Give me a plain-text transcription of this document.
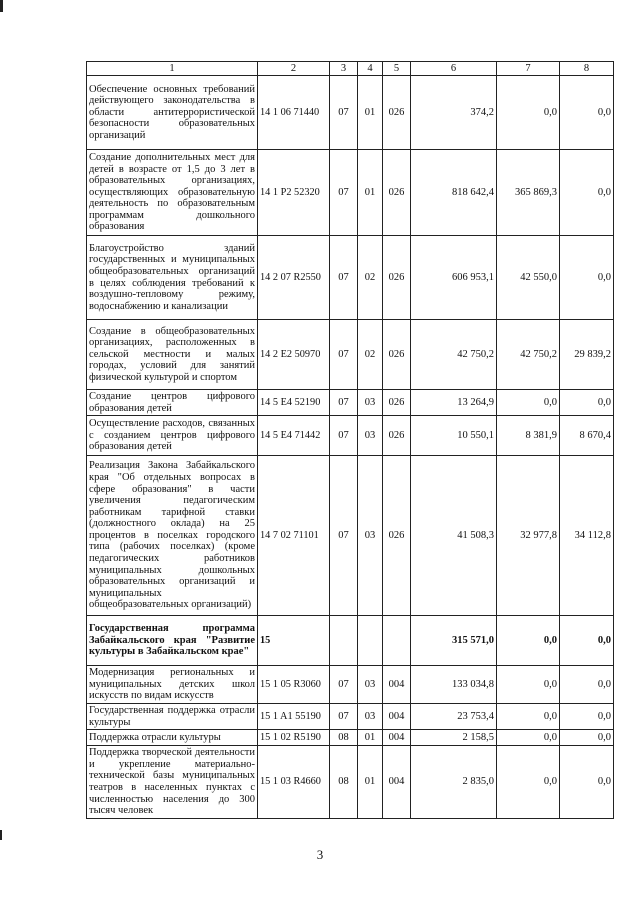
1	2	3	4	5	6	7	8
Обеспечение основных требований действующего законодательства в области антитеррористической безопасности образовательных организаций	14 1 06 71440	07	01	026	374,2	0,0	0,0
Создание дополнительных мест для детей в возрасте от 1,5 до 3 лет в образовательных организациях, осуществляющих образовательную деятельность по образовательным программам дошкольного образования	14 1 P2 52320	07	01	026	818 642,4	365 869,3	0,0
Благоустройство зданий государственных и муниципальных общеобразовательных организаций в целях соблюдения требований к воздушно-тепловому режиму, водоснабжению и канализации	14 2 07 R2550	07	02	026	606 953,1	42 550,0	0,0
Создание в общеобразовательных организациях, расположенных в сельской местности и малых городах, условий для занятий физической культурой и спортом	14 2 E2 50970	07	02	026	42 750,2	42 750,2	29 839,2
Создание центров цифрового образования детей	14 5 E4 52190	07	03	026	13 264,9	0,0	0,0
Осуществление расходов, связанных с созданием центров цифрового образования детей	14 5 E4 71442	07	03	026	10 550,1	8 381,9	8 670,4
Реализация Закона Забайкальского края "Об отдельных вопросах в сфере образования" в части увеличения педагогическим работникам тарифной ставки (должностного оклада) на 25 процентов в поселках городского типа (рабочих поселках) (кроме педагогических работников муниципальных дошкольных образовательных организаций и муниципальных общеобразовательных организаций)	14 7 02 71101	07	03	026	41 508,3	32 977,8	34 112,8
Государственная программа Забайкальского края "Развитие культуры в Забайкальском крае"	15				315 571,0	0,0	0,0
Модернизация региональных и муниципальных детских школ искусств по видам искусств	15 1 05 R3060	07	03	004	133 034,8	0,0	0,0
Государственная поддержка отрасли культуры	15 1 A1 55190	07	03	004	23 753,4	0,0	0,0
Поддержка отрасли культуры	15 1 02 R5190	08	01	004	2 158,5	0,0	0,0
Поддержка творческой деятельности и укрепление материально-технической базы муниципальных театров в населенных пунктах с численностью населения до 300 тысяч человек	15 1 03 R4660	08	01	004	2 835,0	0,0	0,0
3
